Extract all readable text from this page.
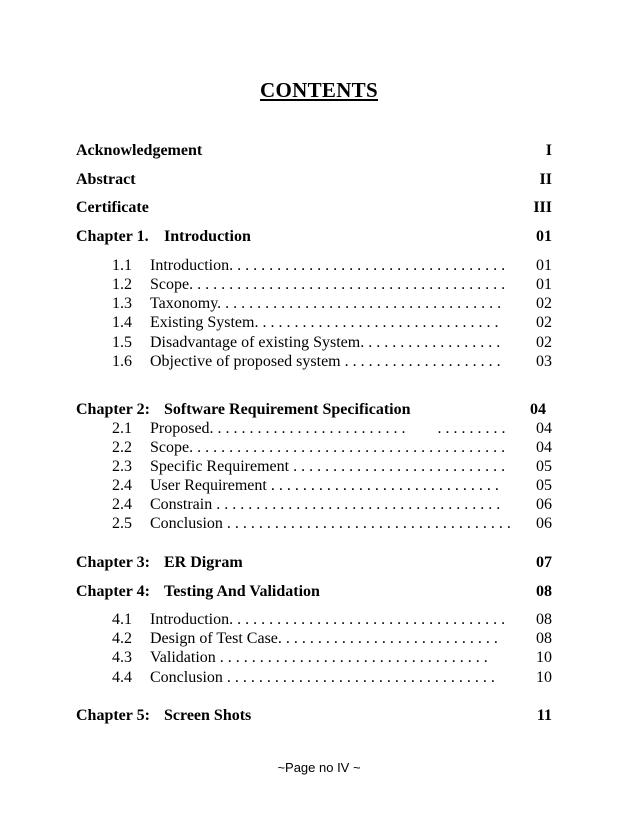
CONTENTS
Acknowledgement	I
Abstract	II
Certificate	III
Chapter 1. Introduction	01
1.1 Introduction. . . . . . . . . . . . . . . . . . . . . . . . . . . . . . . . . . . 01
1.2 Scope. . . . . . . . . . . . . . . . . . . . . . . . . . . . . . . . . . . . . . . . 01
1.3 Taxonomy. . . . . . . . . . . . . . . . . . . . . . . . . . . . . . . . . . . . 02
1.4 Existing System. . . . . . . . . . . . . . . . . . . . . . . . . . . . . . . 02
1.5 Disadvantage of existing System. . . . . . . . . . . . . . . . . . 02
1.6 Objective of proposed system . . . . . . . . . . . . . . . . . . . . 03
Chapter 2: Software Requirement Specification	04
2.1 Proposed. . . . . . . . . . . . . . . . . . . . . . . . .        . . . . . . . . . 04
2.2 Scope. . . . . . . . . . . . . . . . . . . . . . . . . . . . . . . . . . . . . . . . 04
2.3 Specific Requirement . . . . . . . . . . . . . . . . . . . . . . . . . . . 05
2.4 User Requirement . . . . . . . . . . . . . . . . . . . . . . . . . . . . . 05
2.4 Constrain . . . . . . . . . . . . . . . . . . . . . . . . . . . . . . . . . . . . 06
2.5 Conclusion . . . . . . . . . . . . . . . . . . . . . . . . . . . . . . . . . . . . 06
Chapter 3: ER Digram	07
Chapter 4: Testing And Validation	08
4.1 Introduction. . . . . . . . . . . . . . . . . . . . . . . . . . . . . . . . . . . 08
4.2 Design of Test Case. . . . . . . . . . . . . . . . . . . . . . . . . . . . 08
4.3 Validation . . . . . . . . . . . . . . . . . . . . . . . . . . . . . . . . . .	10
4.4 Conclusion . . . . . . . . . . . . . . . . . . . . . . . . . . . . . . . . . .	10
Chapter 5: Screen Shots	11
~Page no IV ~
